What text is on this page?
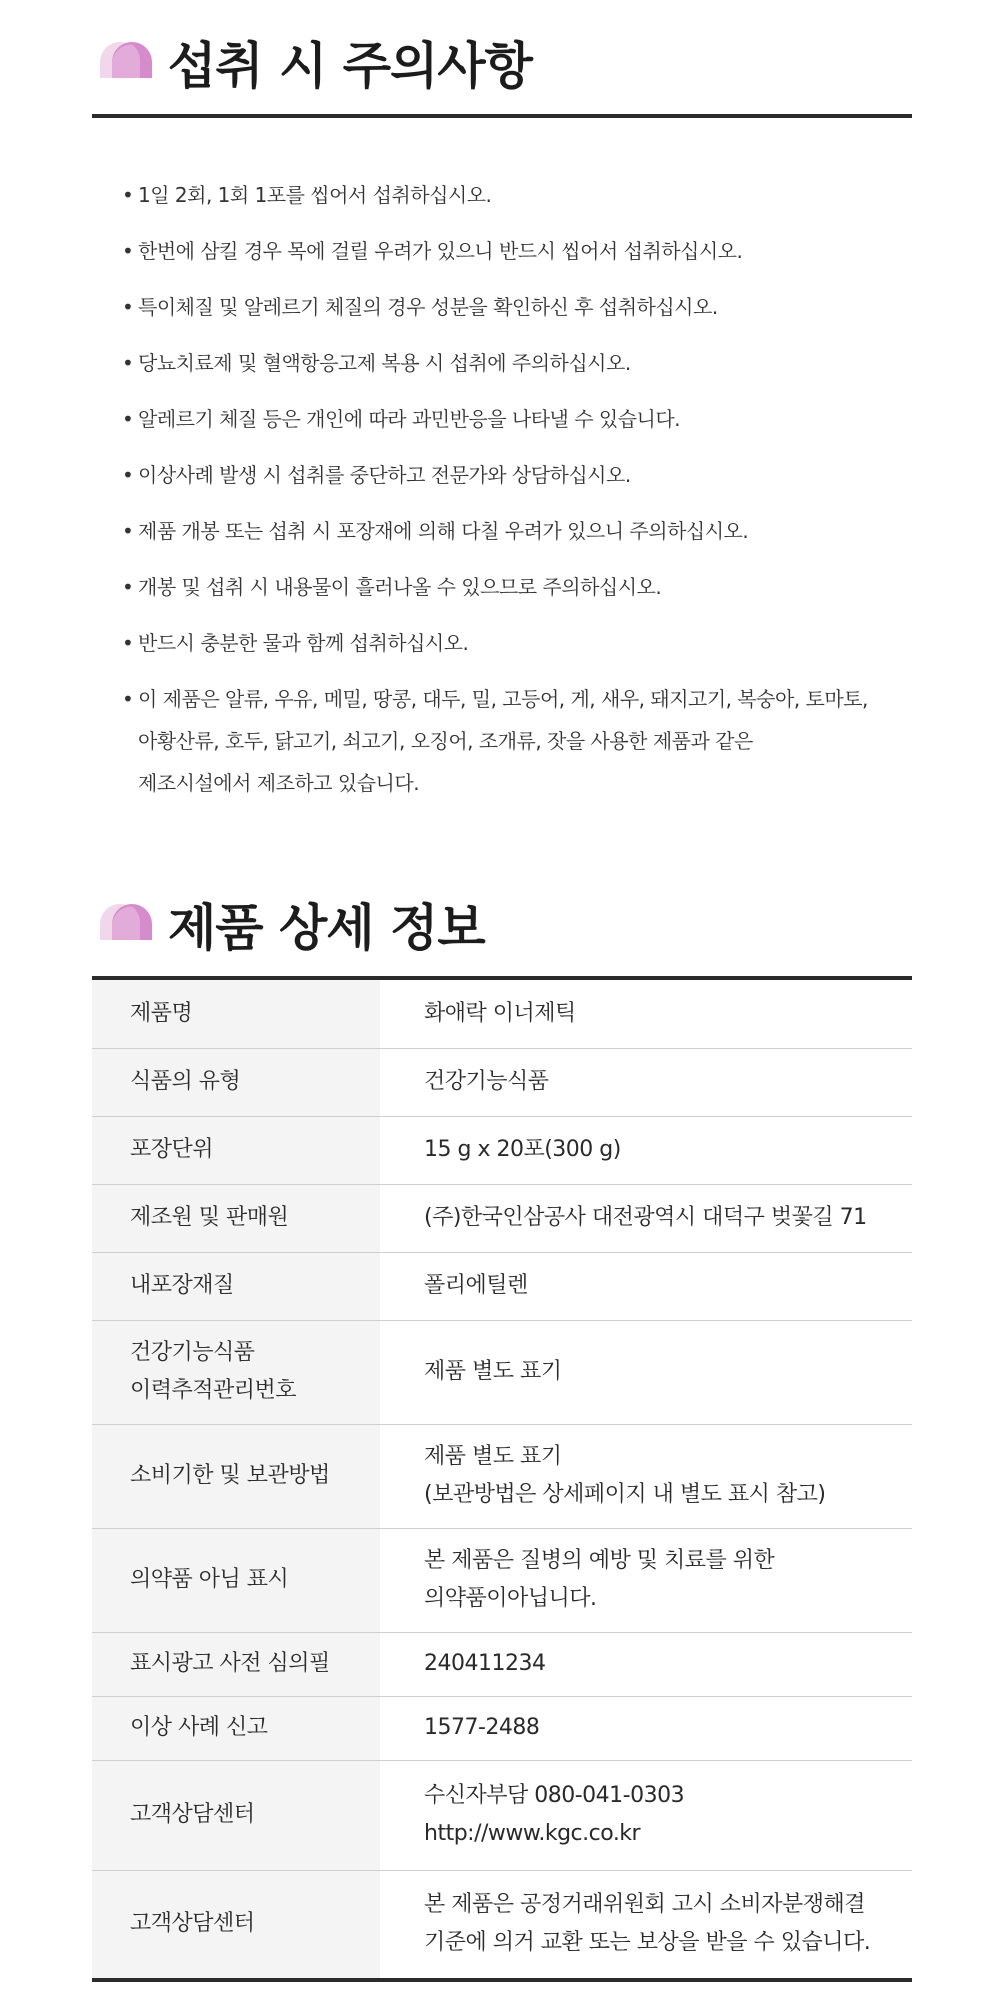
섭취 시 주의사항
• 1일 2회, 1회 1포를 씹어서 섭취하십시오.
• 한번에 삼킬 경우 목에 걸릴 우려가 있으니 반드시 씹어서 섭취하십시오.
• 특이체질 및 알레르기 체질의 경우 성분을 확인하신 후 섭취하십시오.
• 당뇨치료제 및 혈액항응고제 복용 시 섭취에 주의하십시오.
• 알레르기 체질 등은 개인에 따라 과민반응을 나타낼 수 있습니다.
• 이상사례 발생 시 섭취를 중단하고 전문가와 상담하십시오.
• 제품 개봉 또는 섭취 시 포장재에 의해 다칠 우려가 있으니 주의하십시오.
• 개봉 및 섭취 시 내용물이 흘러나올 수 있으므로 주의하십시오.
• 반드시 충분한 물과 함께 섭취하십시오.
• 이 제품은 알류, 우유, 메밀, 땅콩, 대두, 밀, 고등어, 게, 새우, 돼지고기, 복숭아, 토마토,
아황산류, 호두, 닭고기, 쇠고기, 오징어, 조개류, 잣을 사용한 제품과 같은
제조시설에서 제조하고 있습니다.
제품 상세 정보
제품명	화애락 이너제틱
식품의 유형	건강기능식품
포장단위	15 g x 20포(300 g)
제조원 및 판매원	(주)한국인삼공사 대전광역시 대덕구 벚꽃길 71
내포장재질	폴리에틸렌
건강기능식품
이력추적관리번호	제품 별도 표기
소비기한 및 보관방법	제품 별도 표기
(보관방법은 상세페이지 내 별도 표시 참고)
의약품 아님 표시	본 제품은 질병의 예방 및 치료를 위한
의약품이아닙니다.
표시광고 사전 심의필	240411234
이상 사례 신고	1577-2488
고객상담센터	수신자부담 080-041-0303
http://www.kgc.co.kr
고객상담센터	본 제품은 공정거래위원회 고시 소비자분쟁해결
기준에 의거 교환 또는 보상을 받을 수 있습니다.
